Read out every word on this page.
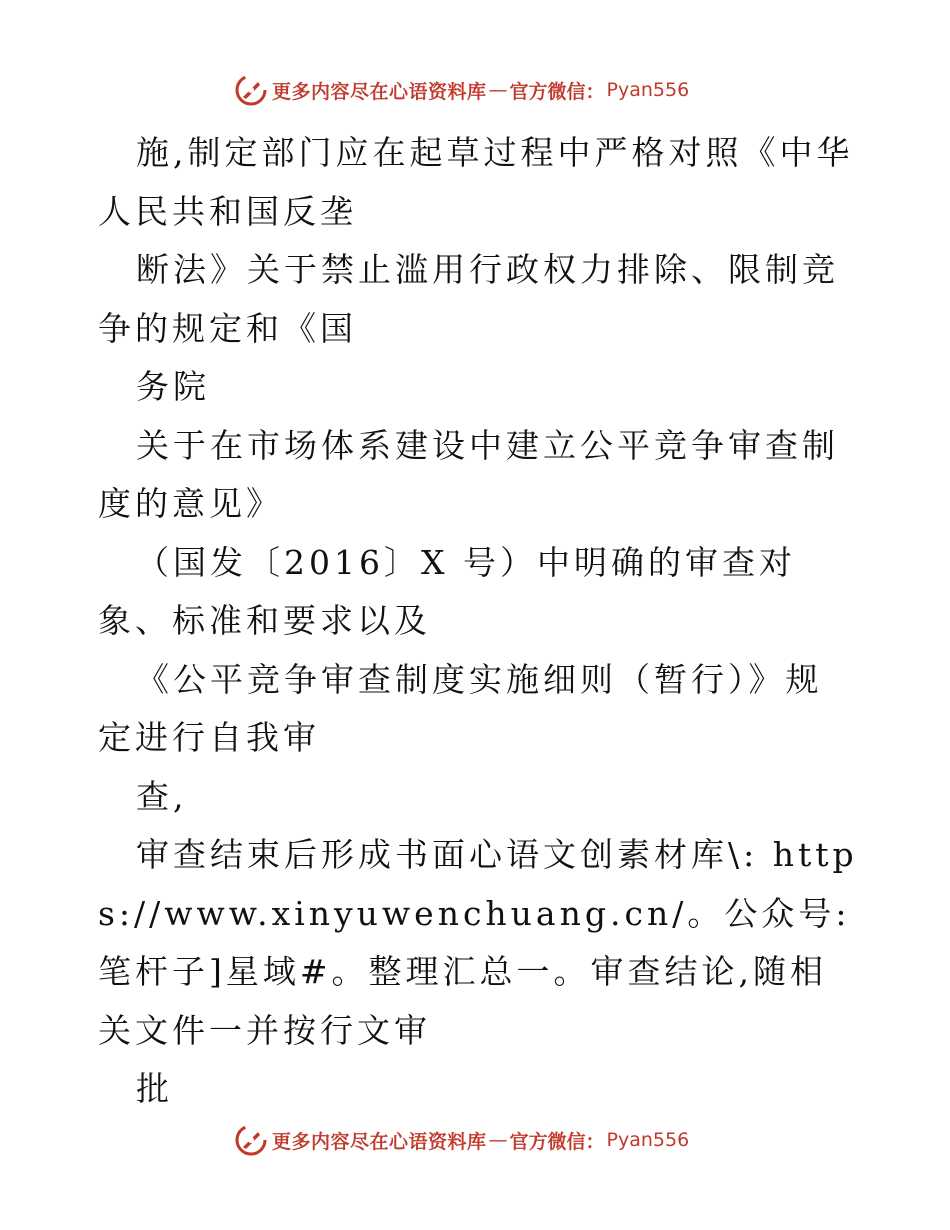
更多内容尽在心语资料库 — 官方微信： Pyan556

施,制定部门应在起草过程中严格对照《中华人民共和国反垄

断法》关于禁止滥用行政权力排除、限制竞争的规定和《国

务院

关于在市场体系建设中建立公平竞争审查制度的意见》

（国发〔2016〕X 号）中明确的审查对象、标准和要求以及

《公平竞争审查制度实施细则（暂行）》规定进行自我审

查,

审查结束后形成书面心语文创素材库\: https://www.xinyuwenchuang.cn/。公众号: 笔杆子]星域#。整理汇总一。审查结论,随相关文件一并按行文审

批

更多内容尽在心语资料库 — 官方微信： Pyan556
